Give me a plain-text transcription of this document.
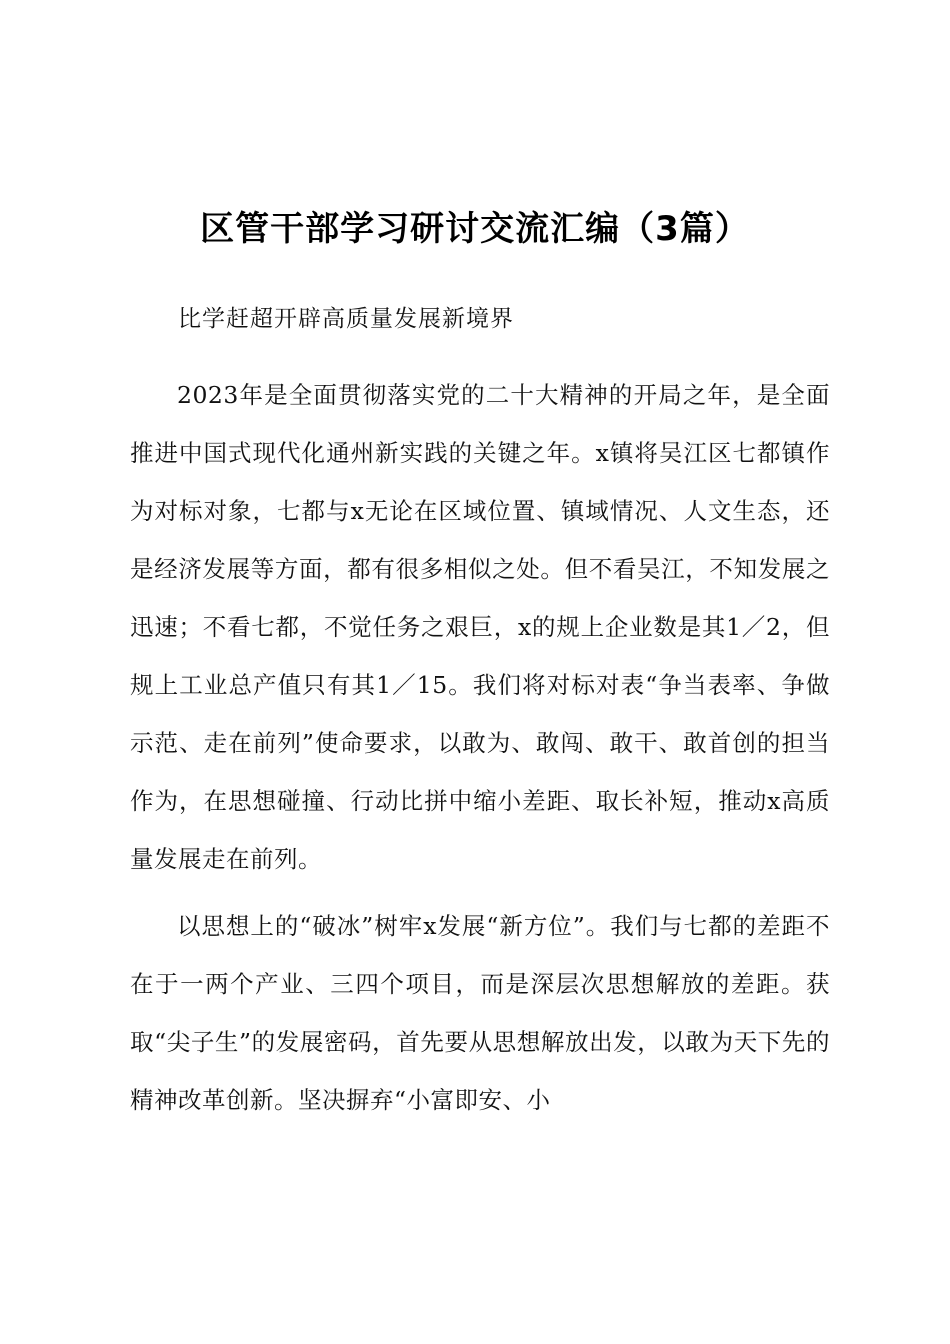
区管干部学习研讨交流汇编（3篇）
比学赶超开辟高质量发展新境界

2023年是全面贯彻落实党的二十大精神的开局之年，是全面推进中国式现代化通州新实践的关键之年。x镇将吴江区七都镇作为对标对象，七都与x无论在区域位置、镇域情况、人文生态，还是经济发展等方面，都有很多相似之处。但不看吴江，不知发展之迅速；不看七都，不觉任务之艰巨，x的规上企业数是其1／2，但规上工业总产值只有其1／15。我们将对标对表“争当表率、争做示范、走在前列”使命要求，以敢为、敢闯、敢干、敢首创的担当作为，在思想碰撞、行动比拼中缩小差距、取长补短，推动x高质量发展走在前列。

以思想上的“破冰”树牢x发展“新方位”。我们与七都的差距不在于一两个产业、三四个项目，而是深层次思想解放的差距。获取“尖子生”的发展密码，首先要从思想解放出发，以敢为天下先的精神改革创新。坚决摒弃“小富即安、小
